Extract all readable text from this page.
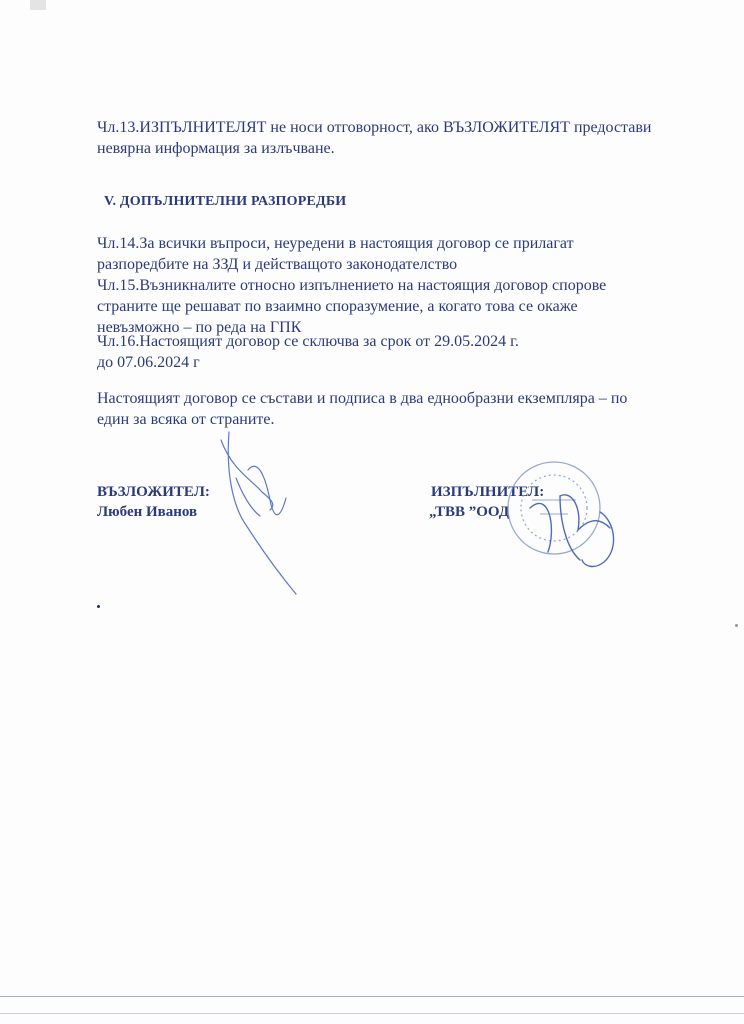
Чл.13.ИЗПЪЛНИТЕЛЯТ не носи отговорност, ако ВЪЗЛОЖИТЕЛЯТ предостави невярна информация за излъчване.

V. ДОПЪЛНИТЕЛНИ РАЗПОРЕДБИ

Чл.14.За всички въпроси, неуредени в настоящия договор се прилагат разпоредбите на ЗЗД и действащото законодателство

Чл.15.Възникналите относно изпълнението на настоящия договор спорове страните ще решават по взаимно споразумение, а когато това се окаже невъзможно – по реда на ГПК

Чл.16.Настоящият договор се сключва за срок от 29.05.2024 г.
до 07.06.2024 г

Настоящият договор се състави и подписа в два еднообразни екземпляра – по един за всяка от страните.

ВЪЗЛОЖИТЕЛ:
Любен Иванов
ИЗПЪЛНИТЕЛ:
„ТВВ ”ООД
